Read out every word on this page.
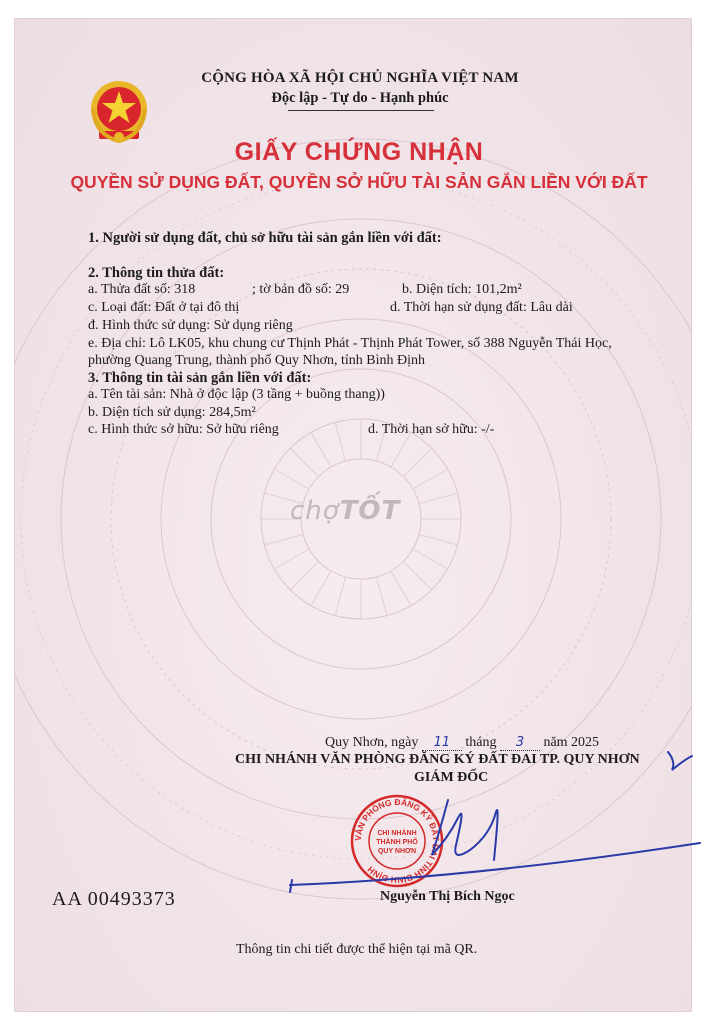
VĂN PHÒNG ĐĂNG KÝ ĐẤT ĐAI TỈNH BÌNH ĐỊNH
CHI NHÁNH
THÀNH PHỐ
QUY NHƠN
CỘNG HÒA XÃ HỘI CHỦ NGHĨA VIỆT NAM
Độc lập - Tự do - Hạnh phúc
GIẤY CHỨNG NHẬN
QUYỀN SỬ DỤNG ĐẤT, QUYỀN SỞ HỮU TÀI SẢN GẮN LIỀN VỚI ĐẤT
1. Người sử dụng đất, chủ sở hữu tài sản gắn liền với đất:
2. Thông tin thửa đất:
a. Thửa đất số: 318	; tờ bản đồ số: 29	b. Diện tích: 101,2m²
c. Loại đất: Đất ở tại đô thị	d. Thời hạn sử dụng đất: Lâu dài
đ. Hình thức sử dụng: Sử dụng riêng
e. Địa chỉ: Lô LK05, khu chung cư Thịnh Phát - Thịnh Phát Tower, số 388 Nguyễn Thái Học,
phường Quang Trung, thành phố Quy Nhơn, tỉnh Bình Định
3. Thông tin tài sản gắn liền với đất:
a. Tên tài sản: Nhà ở độc lập (3 tầng + buồng thang))
b. Diện tích sử dụng: 284,5m²
c. Hình thức sở hữu: Sở hữu riêng	d. Thời hạn sở hữu: -/-
chợTỐT
Quy Nhơn, ngày 11 tháng 3 năm 2025
CHI NHÁNH VĂN PHÒNG ĐĂNG KÝ ĐẤT ĐAI TP. QUY NHƠN
GIÁM ĐỐC
Nguyễn Thị Bích Ngọc
AA 00493373
Thông tin chi tiết được thể hiện tại mã QR.
